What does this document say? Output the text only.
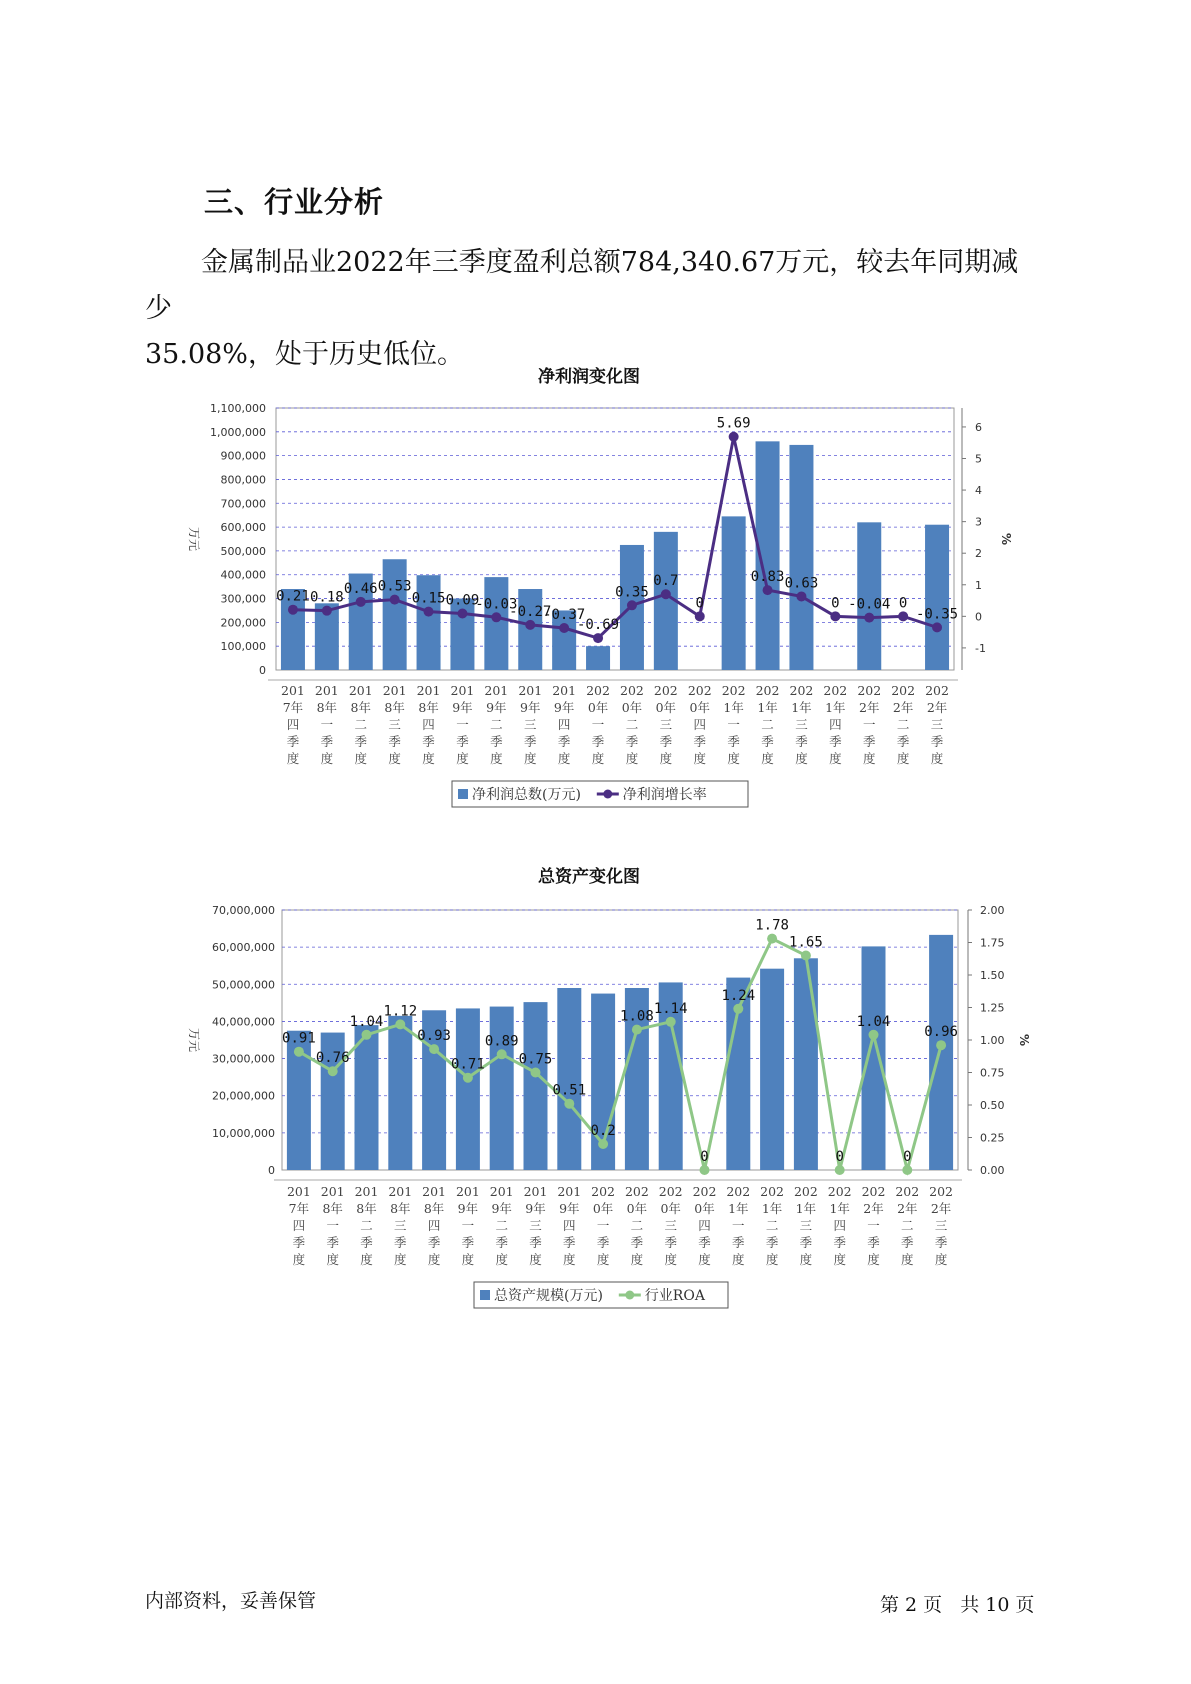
三、行业分析
金属制品业2022年三季度盈利总额784,340.67万元，较去年同期减少
35.08%，处于历史低位。
净利润变化图
总资产变化图
0
100,000
200,000
300,000
400,000
500,000
600,000
700,000
800,000
900,000
1,000,000
1,100,000
-1
0
1
2
3
4
5
6
万元	%
201
7年
四
季
度
201
8年
一
季
度
201
8年
二
季
度
201
8年
三
季
度
201
8年
四
季
度
201
9年
一
季
度
201
9年
二
季
度
201
9年
三
季
度
201
9年
四
季
度
202
0年
一
季
度
202
0年
二
季
度
202
0年
三
季
度
202
0年
四
季
度
202
1年
一
季
度
202
1年
二
季
度
202
1年
三
季
度
202
1年
四
季
度
202
2年
一
季
度
202
2年
二
季
度
202
2年
三
季
度
0.21 0.18
0.46 0.53
0.15 0.09
-0.03
-0.27
-0.37
-0.69
0.35
0.7
0
5.69
0.83 0.63
0 -0.04 0
-0.35
净利润总数(万元)	净利润增长率
0
10,000,000
20,000,000
30,000,000
40,000,000
50,000,000
60,000,000
70,000,000
0.00
0.25
0.50
0.75
1.00
1.25
1.50
1.75
2.00
万元	%
201
7年
四
季
度
201
8年
一
季
度
201
8年
二
季
度
201
8年
三
季
度
201
8年
四
季
度
201
9年
一
季
度
201
9年
二
季
度
201
9年
三
季
度
201
9年
四
季
度
202
0年
一
季
度
202
0年
二
季
度
202
0年
三
季
度
202
0年
四
季
度
202
1年
一
季
度
202
1年
二
季
度
202
1年
三
季
度
202
1年
四
季
度
202
2年
一
季
度
202
2年
二
季
度
202
2年
三
季
度
0.91
0.76
1.04
1.12
0.93
0.71
0.89
0.75
0.51
0.2
1.08 1.14
0
1.24
1.78
1.65
0
1.04
0
0.96
总资产规模(万元)	行业ROA
内部资料，妥善保管	第 2 页 共 10 页
